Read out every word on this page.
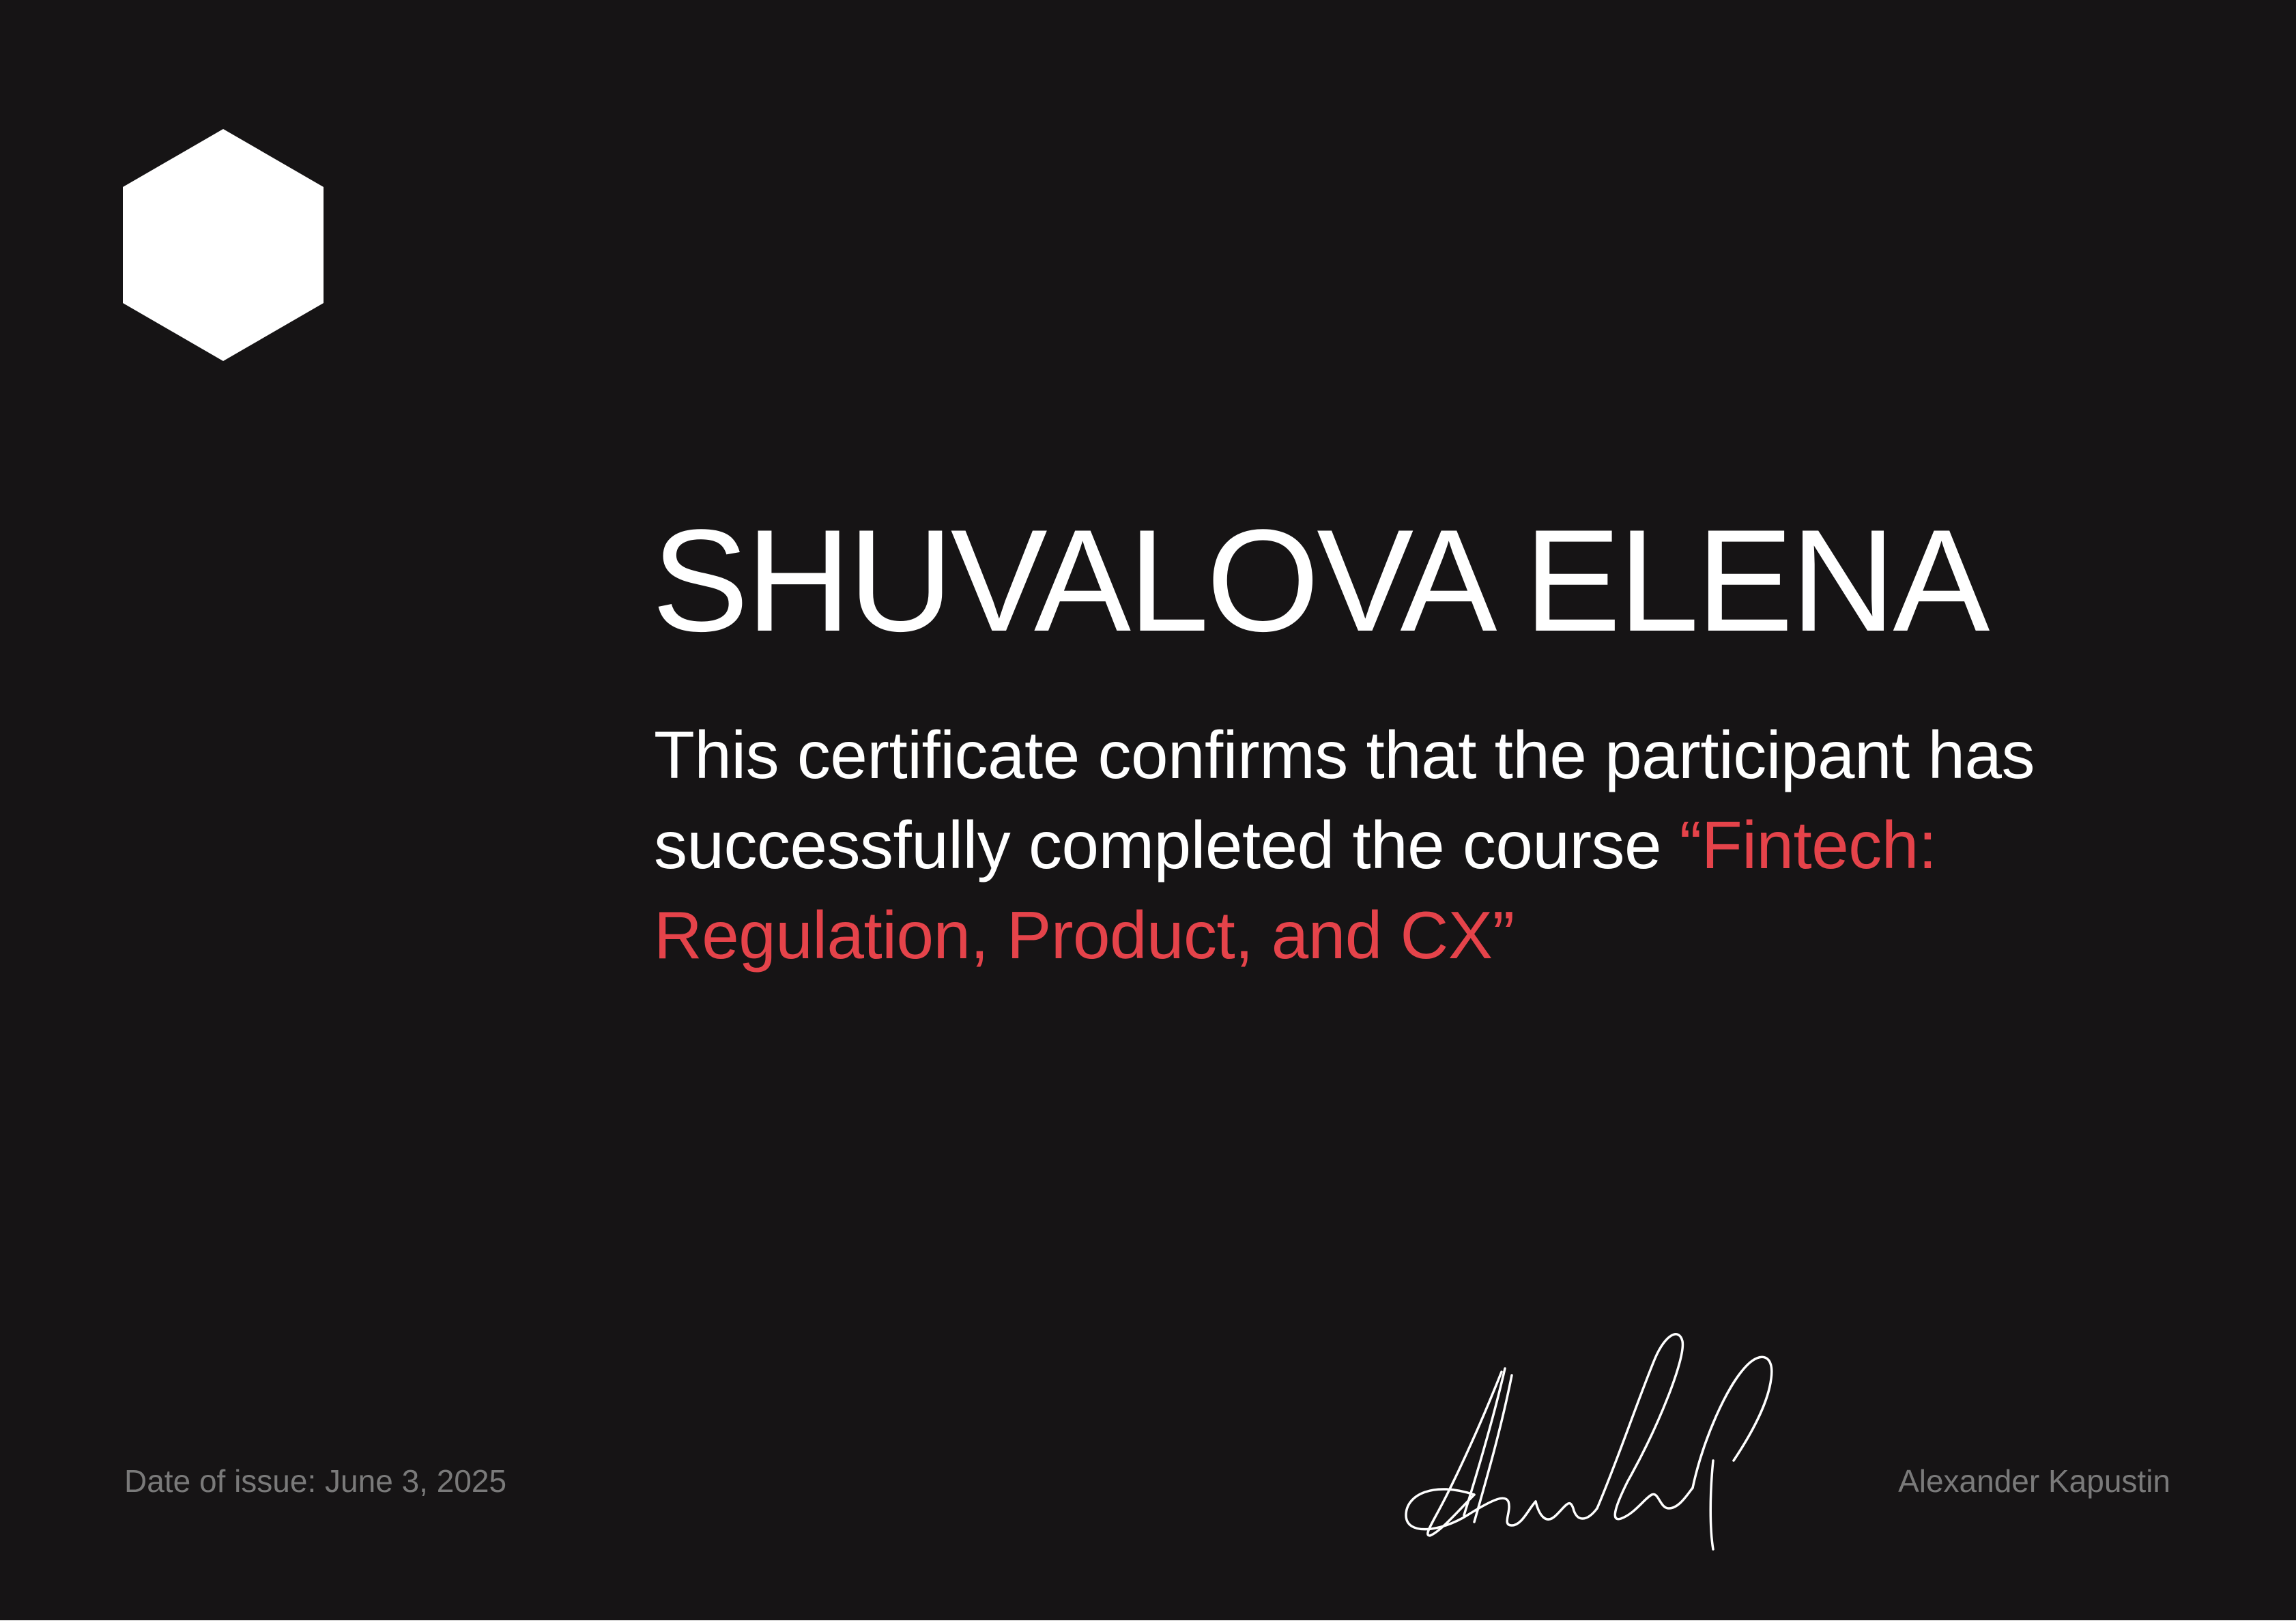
SHUVALOVA ELENA

This certificate confirms that the participant has successfully completed the course “Fintech: Regulation, Product, and CX”

Date of issue: June 3, 2025	Alexander Kapustin
